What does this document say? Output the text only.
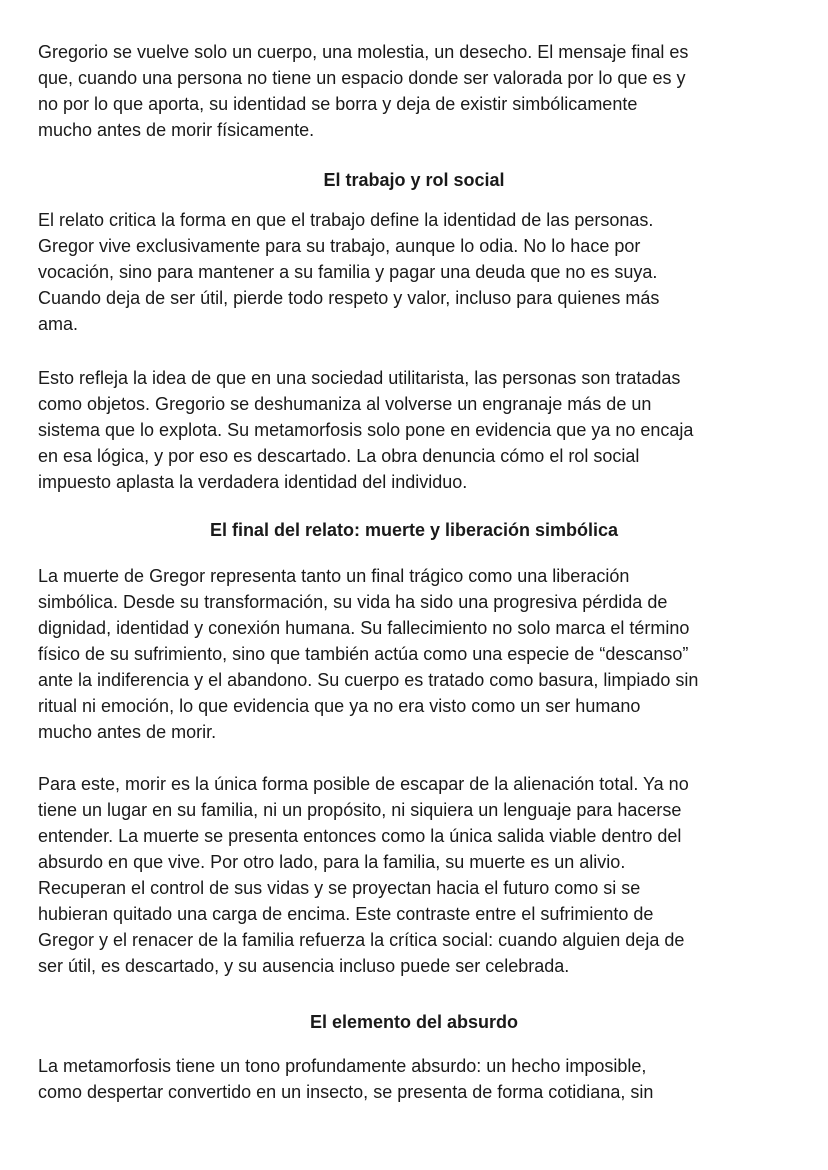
Gregorio se vuelve solo un cuerpo, una molestia, un desecho. El mensaje final es
que, cuando una persona no tiene un espacio donde ser valorada por lo que es y
no por lo que aporta, su identidad se borra y deja de existir simbólicamente
mucho antes de morir físicamente.
El trabajo y rol social
El relato critica la forma en que el trabajo define la identidad de las personas.
Gregor vive exclusivamente para su trabajo, aunque lo odia. No lo hace por
vocación, sino para mantener a su familia y pagar una deuda que no es suya.
Cuando deja de ser útil, pierde todo respeto y valor, incluso para quienes más
ama.
Esto refleja la idea de que en una sociedad utilitarista, las personas son tratadas
como objetos. Gregorio se deshumaniza al volverse un engranaje más de un
sistema que lo explota. Su metamorfosis solo pone en evidencia que ya no encaja
en esa lógica, y por eso es descartado. La obra denuncia cómo el rol social
impuesto aplasta la verdadera identidad del individuo.
El final del relato: muerte y liberación simbólica
La muerte de Gregor representa tanto un final trágico como una liberación
simbólica. Desde su transformación, su vida ha sido una progresiva pérdida de
dignidad, identidad y conexión humana. Su fallecimiento no solo marca el término
físico de su sufrimiento, sino que también actúa como una especie de “descanso”
ante la indiferencia y el abandono. Su cuerpo es tratado como basura, limpiado sin
ritual ni emoción, lo que evidencia que ya no era visto como un ser humano
mucho antes de morir.
Para este, morir es la única forma posible de escapar de la alienación total. Ya no
tiene un lugar en su familia, ni un propósito, ni siquiera un lenguaje para hacerse
entender. La muerte se presenta entonces como la única salida viable dentro del
absurdo en que vive. Por otro lado, para la familia, su muerte es un alivio.
Recuperan el control de sus vidas y se proyectan hacia el futuro como si se
hubieran quitado una carga de encima. Este contraste entre el sufrimiento de
Gregor y el renacer de la familia refuerza la crítica social: cuando alguien deja de
ser útil, es descartado, y su ausencia incluso puede ser celebrada.
El elemento del absurdo
La metamorfosis tiene un tono profundamente absurdo: un hecho imposible,
como despertar convertido en un insecto, se presenta de forma cotidiana, sin
